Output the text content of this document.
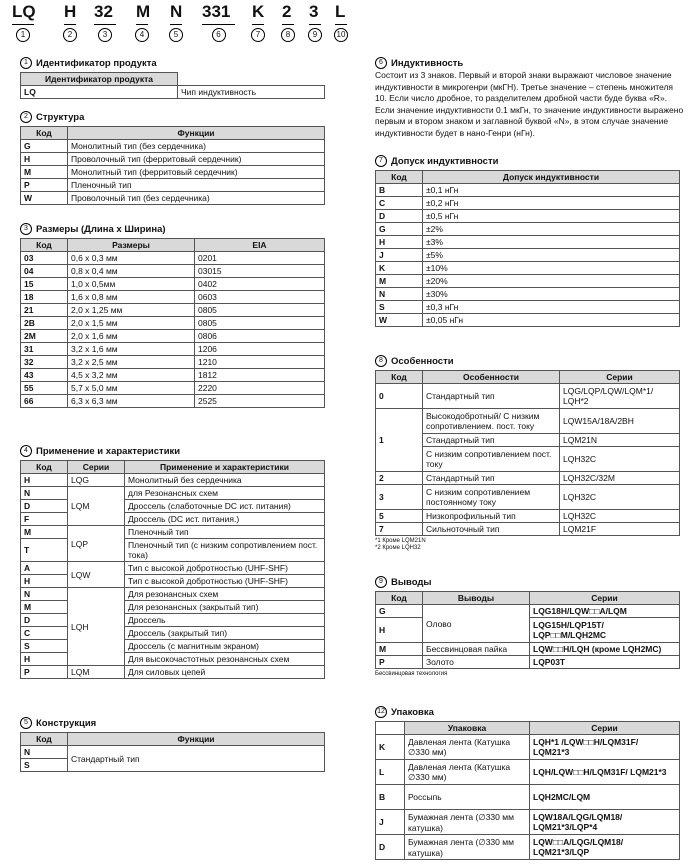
LQ
1
H
2
32
3
M
4
N
5
331
6
K
7
2
8
3
9
L
10
1 Идентификатор продукта
Идентификатор продукта	
LQ	Чип индуктивность
2 Структура
Код	Функции
G	Монолитный тип (без сердечника)
H	Проволочный тип (ферритовый сердечник)
M	Монолитный тип (ферритовый сердечник)
P	Пленочный тип
W	Проволочный тип (без сердечника)
3 Размеры (Длина х Ширина)
Код	Размеры	EIA
03	0,6 х 0,3 мм	0201
04	0,8 х 0,4 мм	03015
15	1,0 х 0,5мм	0402
18	1,6 х 0,8 мм	0603
21	2,0 х 1,25 мм	0805
2B	2,0 х 1,5 мм	0805
2M	2,0 х 1,6 мм	0806
31	3,2 х 1,6 мм	1206
32	3,2 х 2,5 мм	1210
43	4,5 х 3,2 мм	1812
55	5,7 х 5,0 мм	2220
66	6,3 х 6,3 мм	2525
4 Применение и характеристики
Код	Серии	Применение и характеристики
H	LQG	Монолитный без сердечника
N	LQM	для Резонансных схем
D		Дроссель (слаботочные DC ист. питания)
F		Дроссель (DC ист. питания.)
M	LQP	Пленочный тип
T		Пленочный тип (с низким сопротивлением пост. тока)
A	LQW	Тип с высокой добротностью (UHF-SHF)
H		Тип с высокой добротностью (UHF-SHF)
N	LQH	Для резонансных схем
M		Для резонансных (закрытый тип)
D		Дроссель
C		Дроссель (закрытый тип)
S		Дроссель (с магнитным экраном)
H		Для высокочастотных резонансных схем
P	LQM	Для силовых цепей
5 Конструкция
Код	Функции
N	Стандартный тип
S	
6 Индуктивность
Состоит из 3 знаков. Первый и второй знаки выражают числовое значение индуктивности в микрогенри (мкГН). Третье значение – степень множителя 10. Если число дробное, то разделителем дробной части буде буква «R».
Если значение индуктивности 0.1 мкГн, то значение индуктивности выражено первым и втором знаком и заглавной буквой «N», в этом случае значение индуктивности будет в нано-Генри (нГн).
7 Допуск индуктивности
Код	Допуск индуктивности
B	±0,1 нГн
C	±0,2 нГн
D	±0,5 нГн
G	±2%
H	±3%
J	±5%
K	±10%
M	±20%
N	±30%
S	±0,3 нГн
W	±0,05 нГн
8 Особенности
Код	Особенности	Серии
0	Стандартный тип	LQG/LQP/LQW/LQM*1/ LQH*2
1	Высокодобротный/ С низким сопротивлением. пост. току	LQW15A/18A/2BH
	Стандартный тип	LQM21N
	С низким сопротивлением пост. току	LQH32C
2	Стандартный тип	LQH32C/32M
3	С низким сопротивлением постоянному току	LQH32C
5	Низкопрофильный тип	LQH32C
7	Сильноточный тип	LQM21F
*1 Кроме LQM21N
*2 Кроме LQH32
9 Выводы
Код	Выводы	Серии
G	Олово	LQG18H/LQW□□A/LQM
H		LQG15H/LQP15T/ LQP□□M/LQH2MC
M	Бессвинцовая пайка	LQW□□H/LQH (кроме LQH2MC)
P	Золото	LQP03T
Бессвинцовая технология
12 Упаковка
	Упаковка	Серии
K	Давленая лента (Катушка ∅330 мм)	LQH*1 /LQW□□H/LQM31F/ LQM21*3
L	Давленая лента (Катушка ∅330 мм)	LQH/LQW□□H/LQM31F/ LQM21*3
B	Россыпь	LQH2MC/LQM
J	Бумажная лента (∅330 мм катушка)	LQW18A/LQG/LQM18/ LQM21*3/LQP*4
D	Бумажная лента (∅330 мм катушка)	LQW□□A/LQG/LQM18/ LQM21*3/LQP
